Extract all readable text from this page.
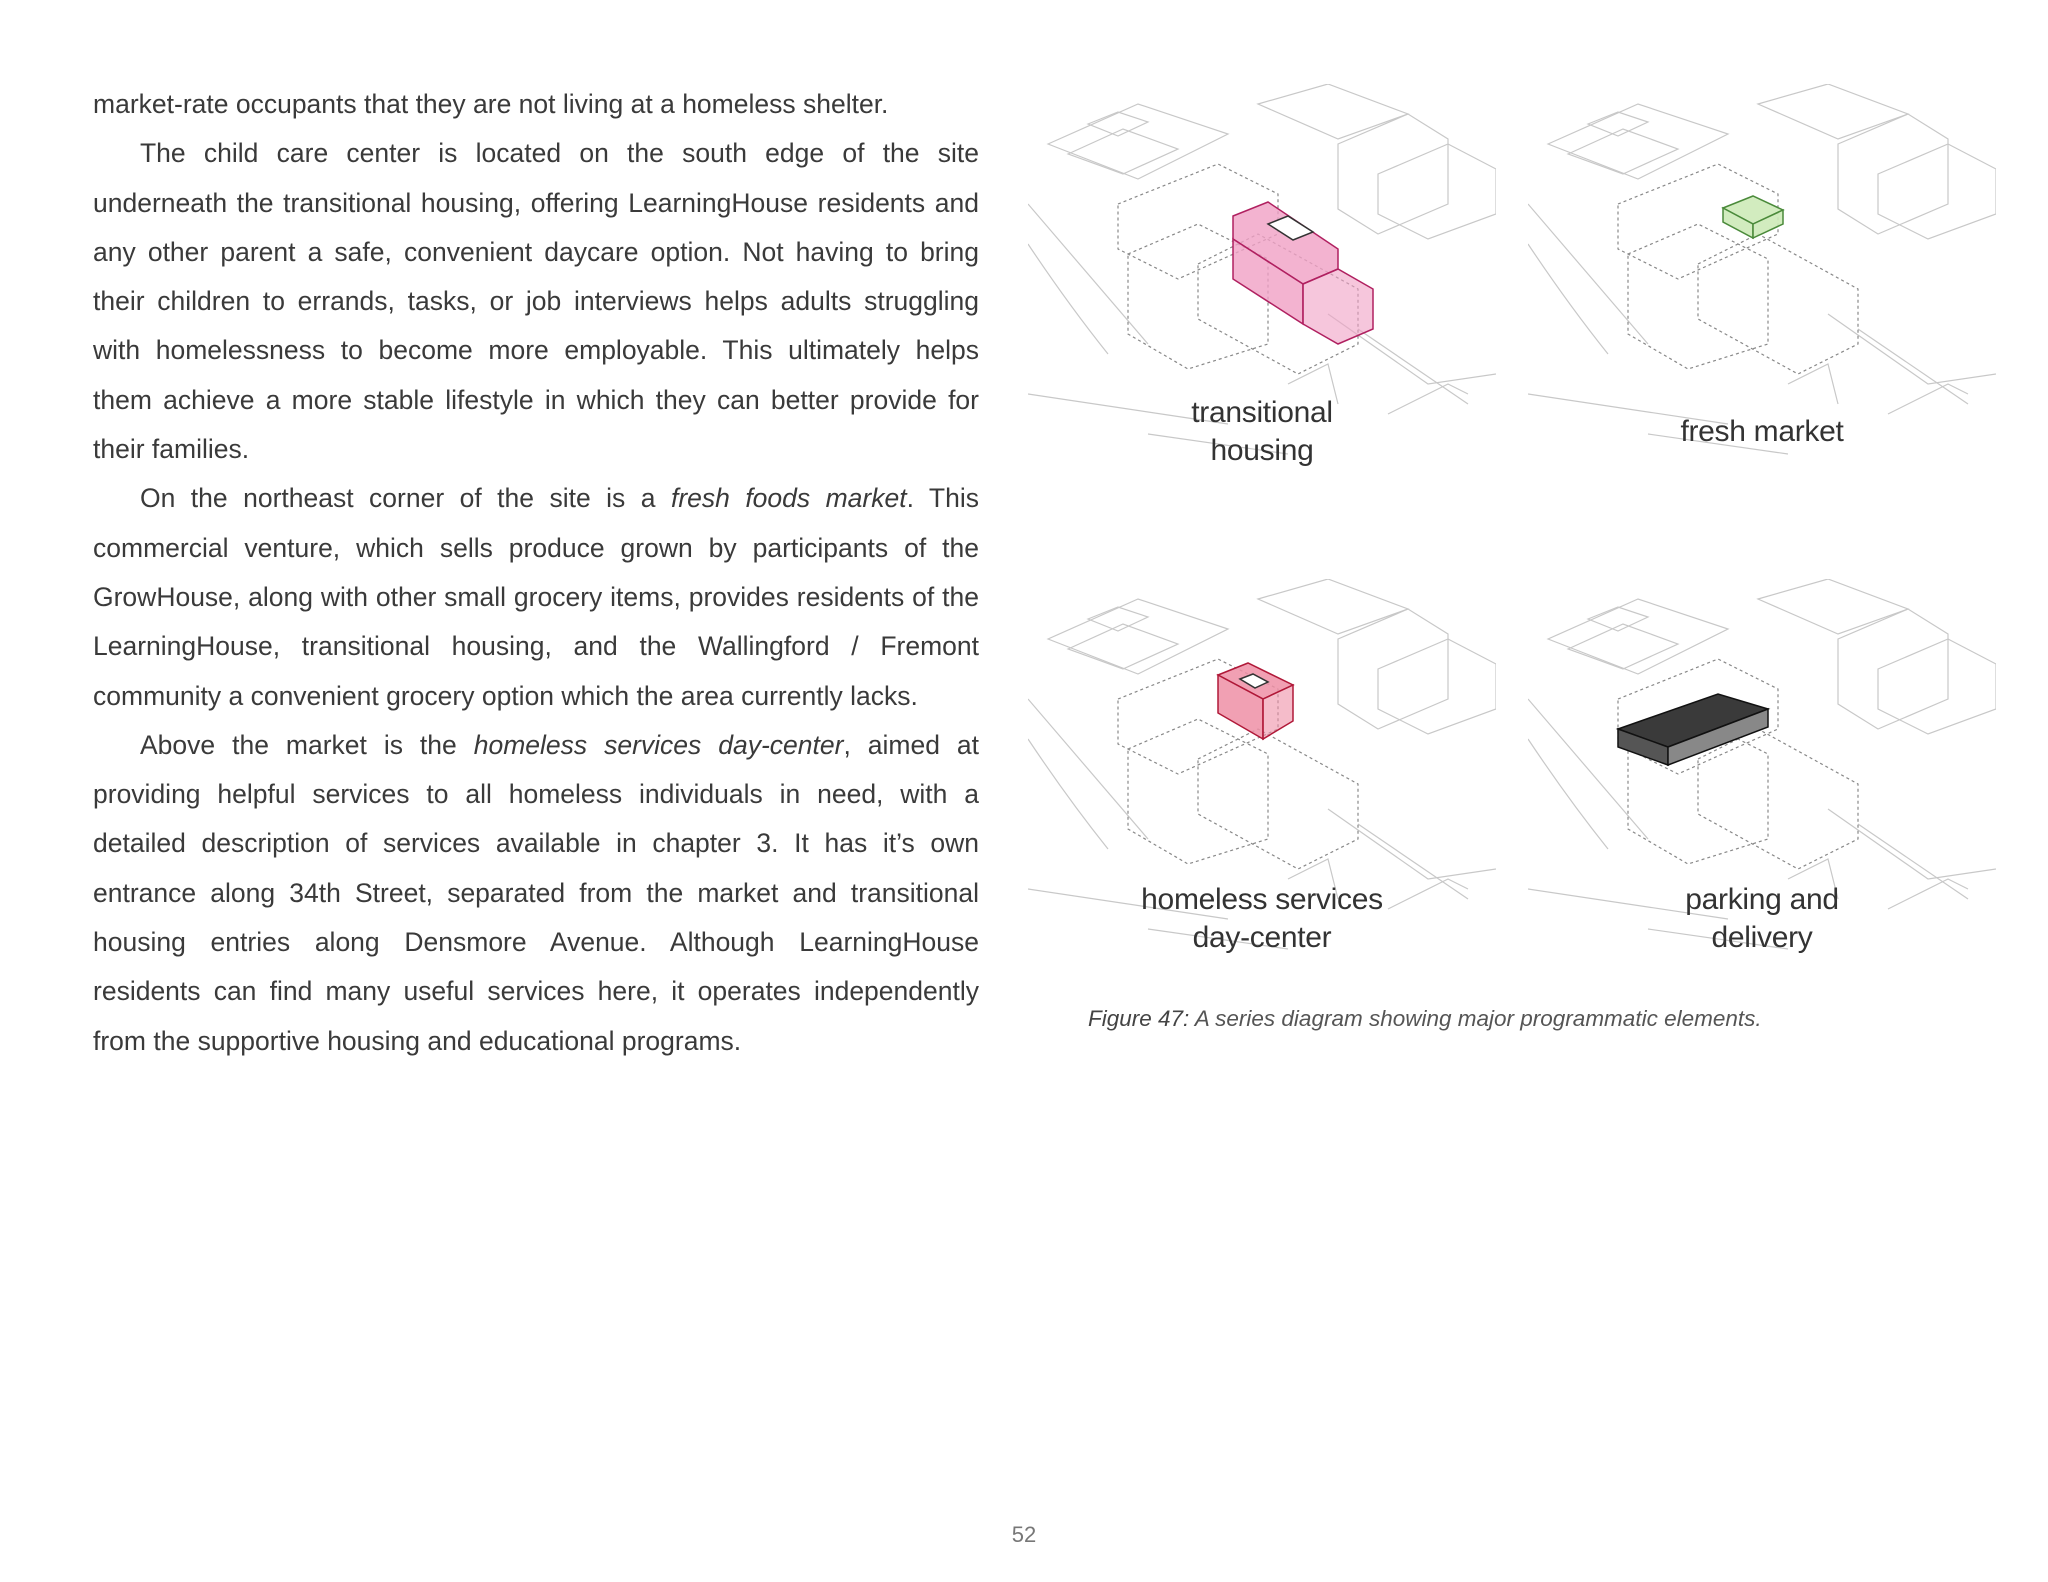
market-rate occupants that they are not living at a homeless shelter.

The child care center is located on the south edge of the site underneath the transitional housing, offering LearningHouse residents and any other parent a safe, convenient daycare option. Not having to bring their children to errands, tasks, or job interviews helps adults struggling with homelessness to become more employable. This ultimately helps them achieve a more stable lifestyle in which they can better provide for their families.

On the northeast corner of the site is a fresh foods market. This commercial venture, which sells produce grown by participants of the GrowHouse, along with other small grocery items, provides residents of the LearningHouse, transitional housing, and the Wallingford / Fremont community a convenient grocery option which the area currently lacks.

Above the market is the homeless services day-center, aimed at providing helpful services to all homeless individuals in need, with a detailed description of services available in chapter 3. It has it’s own entrance along 34th Street, separated from the market and transitional housing entries along Densmore Avenue. Although LearningHouse residents can find many useful services here, it operates independently from the supportive housing and educational programs.

transitional
housing
fresh market
homeless services
day-center
parking and
delivery
Figure 47: A series diagram showing major programmatic elements.
52
